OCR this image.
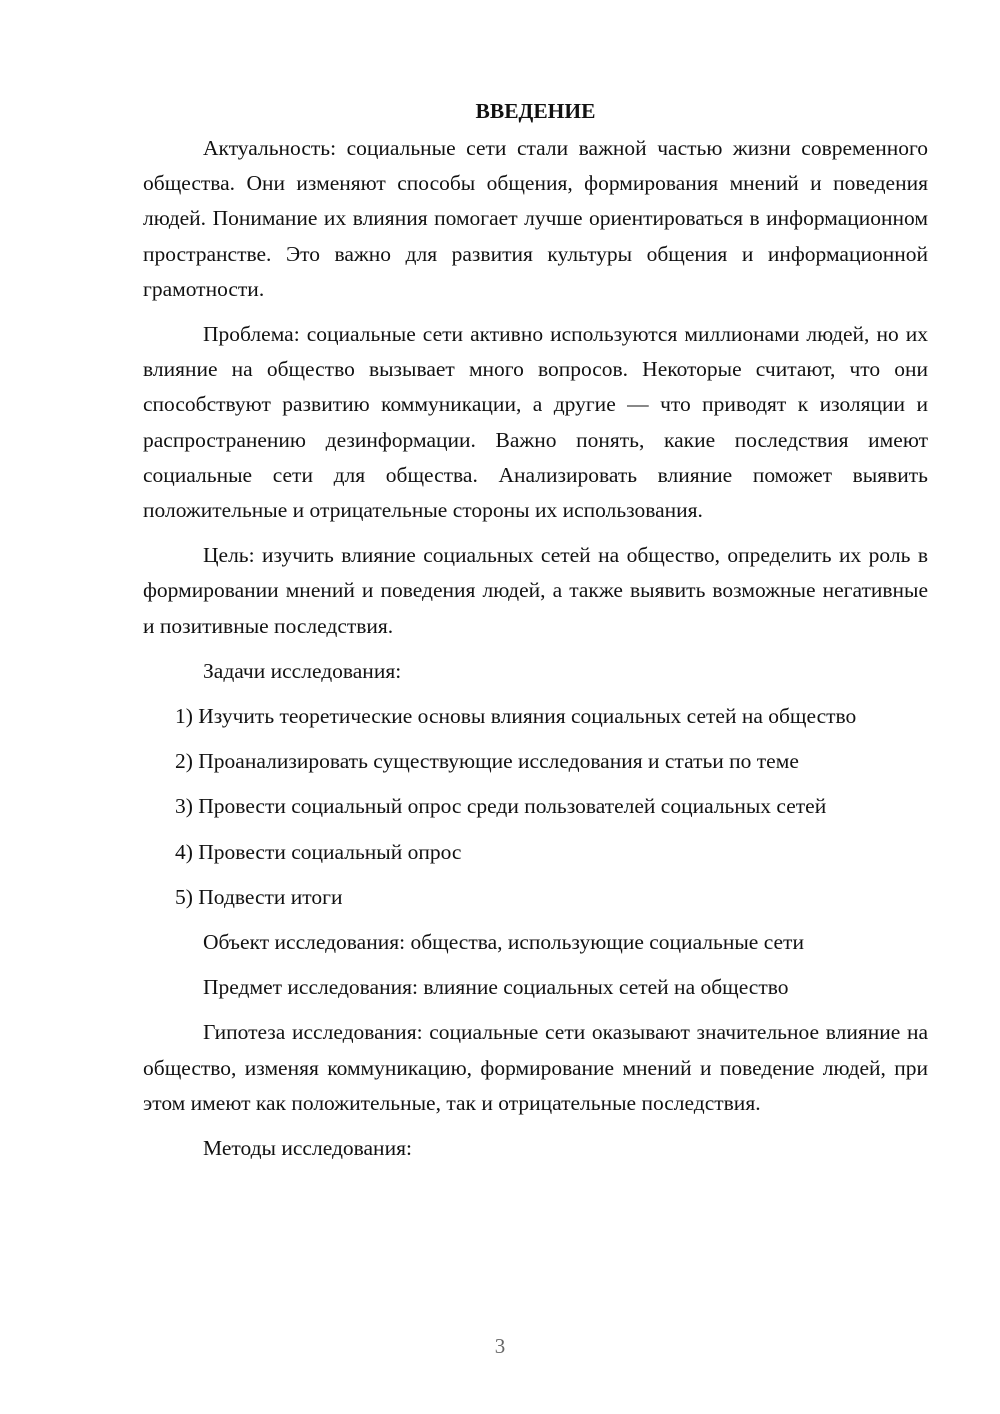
ВВЕДЕНИЕ

Актуальность: социальные сети стали важной частью жизни современного общества. Они изменяют способы общения, формирования мнений и поведения людей. Понимание их влияния помогает лучше ориентироваться в информационном пространстве. Это важно для развития культуры общения и информационной грамотности.

Проблема: социальные сети активно используются миллионами людей, но их влияние на общество вызывает много вопросов. Некоторые считают, что они способствуют развитию коммуникации, а другие — что приводят к изоляции и распространению дезинформации. Важно понять, какие последствия имеют социальные сети для общества. Анализировать влияние поможет выявить положительные и отрицательные стороны их использования.

Цель: изучить влияние социальных сетей на общество, определить их роль в формировании мнений и поведения людей, а также выявить возможные негативные и позитивные последствия.

Задачи исследования:

1) Изучить теоретические основы влияния социальных сетей на общество

2) Проанализировать существующие исследования и статьи по теме

3) Провести социальный опрос среди пользователей социальных сетей

4) Провести социальный опрос

5) Подвести итоги

Объект исследования: общества, использующие социальные сети

Предмет исследования: влияние социальных сетей на общество

Гипотеза исследования: социальные сети оказывают значительное влияние на общество, изменяя коммуникацию, формирование мнений и поведение людей, при этом имеют как положительные, так и отрицательные последствия.

Методы исследования:

3
